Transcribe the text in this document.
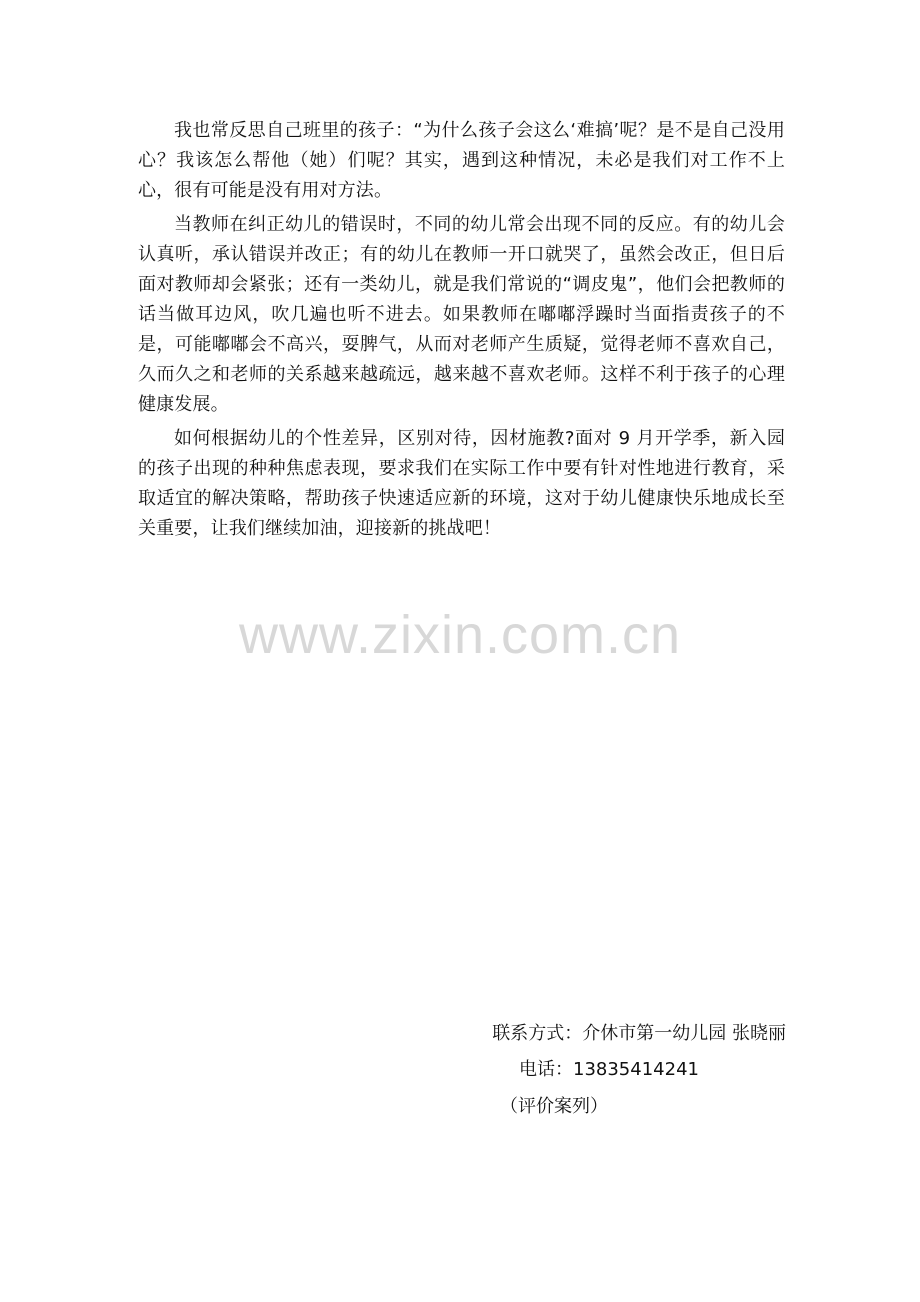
我也常反思自己班里的孩子：“为什么孩子会这么‘难搞’呢？是不是自己没用心？我该怎么帮他（她）们呢？其实，遇到这种情况，未必是我们对工作不上心，很有可能是没有用对方法。

当教师在纠正幼儿的错误时，不同的幼儿常会出现不同的反应。有的幼儿会认真听，承认错误并改正；有的幼儿在教师一开口就哭了，虽然会改正，但日后面对教师却会紧张；还有一类幼儿，就是我们常说的“调皮鬼”，他们会把教师的话当做耳边风，吹几遍也听不进去。如果教师在嘟嘟浮躁时当面指责孩子的不是，可能嘟嘟会不高兴，耍脾气，从而对老师产生质疑，觉得老师不喜欢自己，久而久之和老师的关系越来越疏远，越来越不喜欢老师。这样不利于孩子的心理健康发展。

如何根据幼儿的个性差异，区别对待，因材施教?面对 9 月开学季，新入园的孩子出现的种种焦虑表现，要求我们在实际工作中要有针对性地进行教育，采取适宜的解决策略，帮助孩子快速适应新的环境，这对于幼儿健康快乐地成长至关重要，让我们继续加油，迎接新的挑战吧！

www.zixin.com.cn
联系方式：介休市第一幼儿园 张晓丽
电话：13835414241
（评价案列）
